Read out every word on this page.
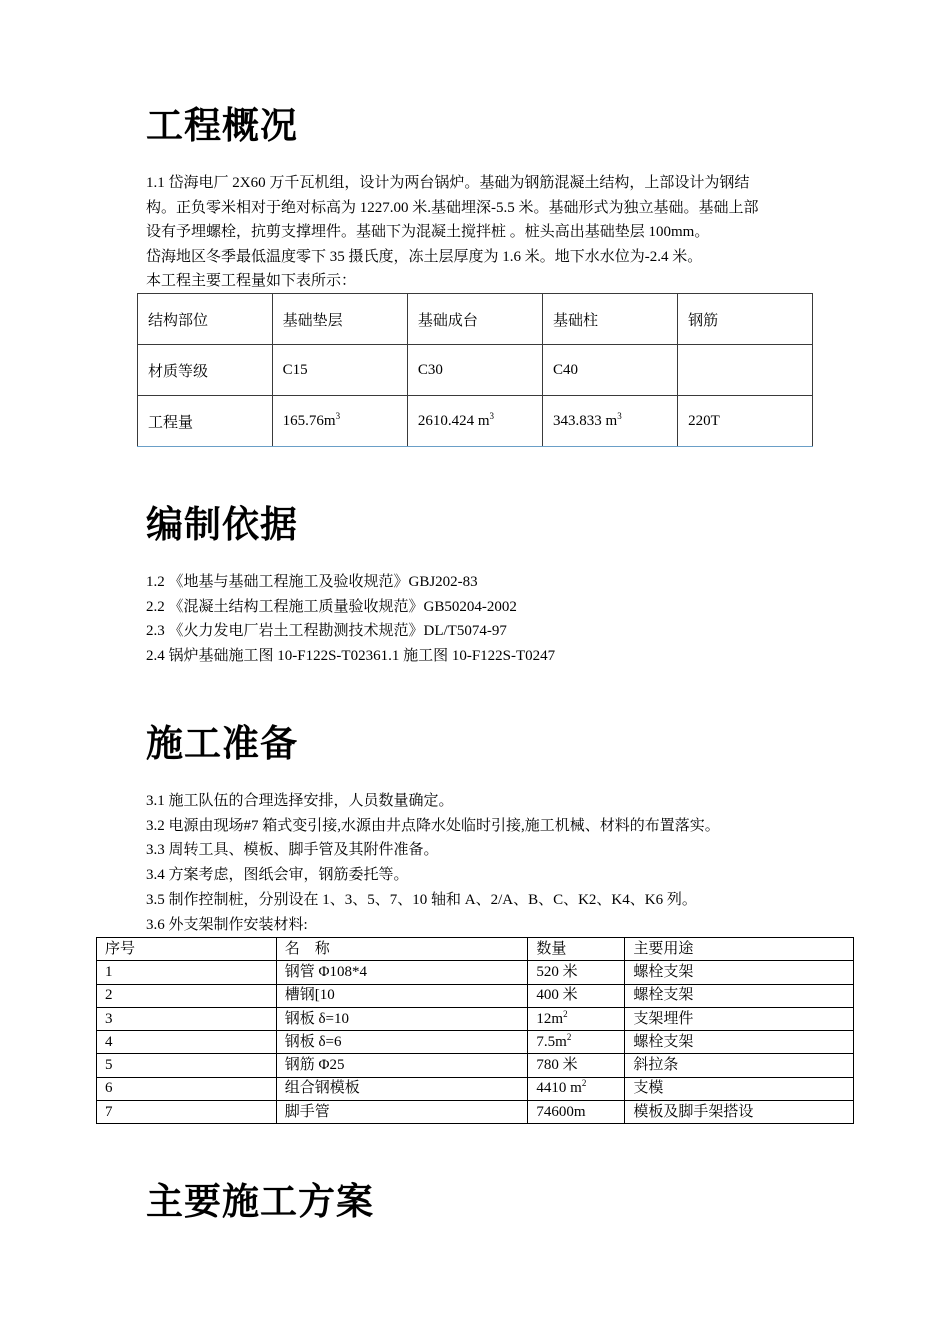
工程概况

1.1 岱海电厂 2X60 万千瓦机组，设计为两台锅炉。基础为钢筋混凝土结构，上部设计为钢结

构。正负零米相对于绝对标高为 1227.00 米.基础埋深-5.5 米。基础形式为独立基础。基础上部

设有予埋螺栓，抗剪支撑埋件。基础下为混凝土搅拌桩 。桩头高出基础垫层 100mm。

岱海地区冬季最低温度零下 35 摄氏度，冻土层厚度为 1.6 米。地下水水位为-2.4 米。

本工程主要工程量如下表所示：

结构部位	基础垫层	基础成台	基础柱	钢筋
材质等级	C15	C30	C40	
工程量	$165.76m^3$	2610.424 $m^3$	343.833 $m^3$	220T
编制依据

1.2 《地基与基础工程施工及验收规范》GBJ202-83

2.2 《混凝土结构工程施工质量验收规范》GB50204-2002

2.3 《火力发电厂岩土工程勘测技术规范》DL/T5074-97

2.4 锅炉基础施工图 10-F122S-T02361.1 施工图 10-F122S-T0247

施工准备

3.1 施工队伍的合理选择安排，人员数量确定。

3.2 电源由现场#7 箱式变引接,水源由井点降水处临时引接,施工机械、材料的布置落实。

3.3 周转工具、模板、脚手管及其附件准备。

3.4 方案考虑，图纸会审，钢筋委托等。

3.5 制作控制桩，分别设在 1、3、5、7、10 轴和 A、2/A、B、C、K2、K4、K6 列。

3.6 外支架制作安装材料:

序号	名　称	数量	主要用途
1	钢管 Φ108*4	520 米	螺栓支架
2	槽钢[10	400 米	螺栓支架
3	钢板 δ=10	$12m^2$	支架埋件
4	钢板 δ=6	$7.5m^2$	螺栓支架
5	钢筋 Φ25	780 米	斜拉条
6	组合钢模板	4410 $m^2$	支模
7	脚手管	74600m	模板及脚手架搭设
主要施工方案
